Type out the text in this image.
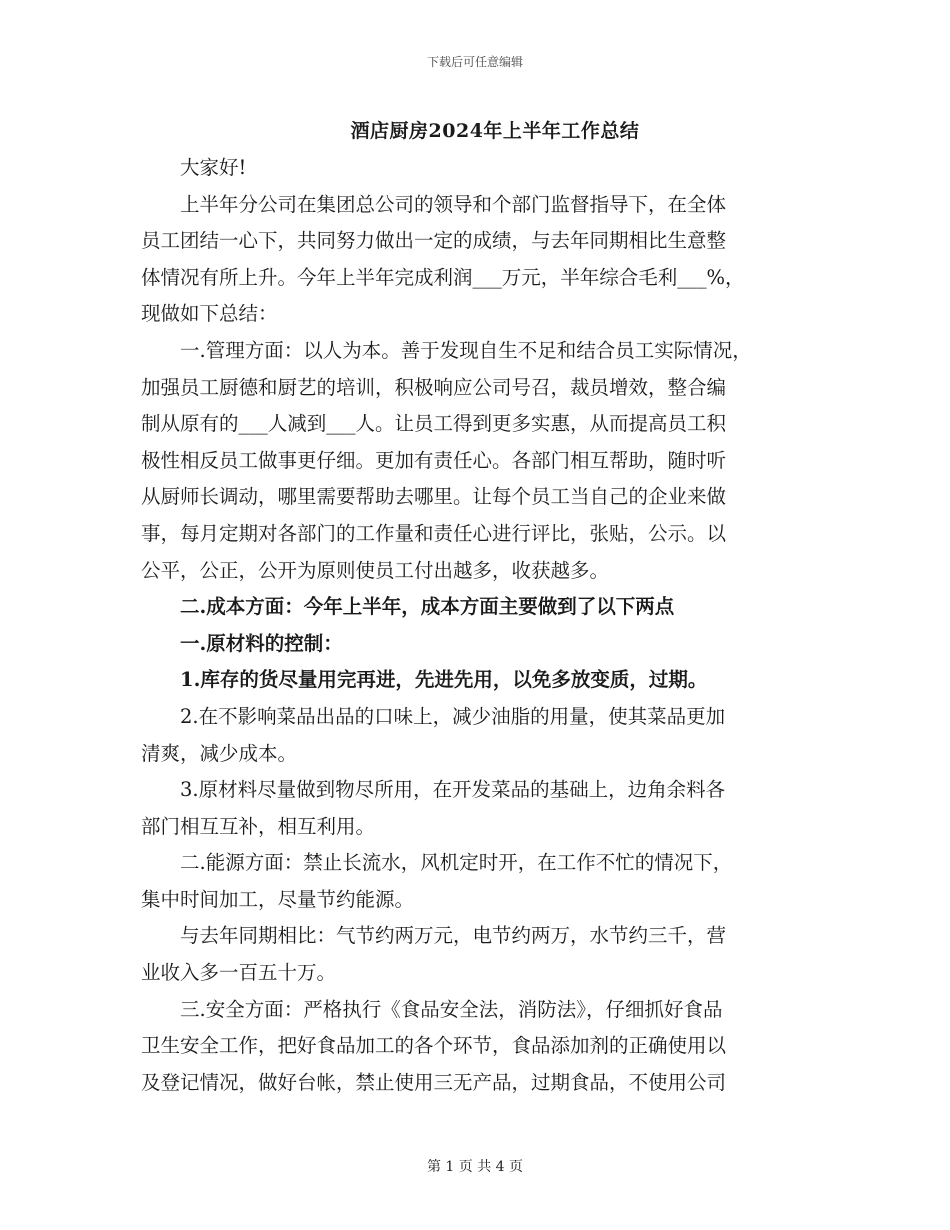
下载后可任意编辑
酒店厨房2024年上半年工作总结
　　大家好!
　　上半年分公司在集团总公司的领导和个部门监督指导下，在全体
员工团结一心下，共同努力做出一定的成绩，与去年同期相比生意整
体情况有所上升。今年上半年完成利润___万元，半年综合毛利___%，
现做如下总结：
　　一.管理方面：以人为本。善于发现自生不足和结合员工实际情况，
加强员工厨德和厨艺的培训，积极响应公司号召，裁员增效，整合编
制从原有的___人减到___人。让员工得到更多实惠，从而提高员工积
极性相反员工做事更仔细。更加有责任心。各部门相互帮助，随时听
从厨师长调动，哪里需要帮助去哪里。让每个员工当自己的企业来做
事，每月定期对各部门的工作量和责任心进行评比，张贴，公示。以
公平，公正，公开为原则使员工付出越多，收获越多。
　　二.成本方面：今年上半年，成本方面主要做到了以下两点
　　一.原材料的控制：
　　1.库存的货尽量用完再进，先进先用，以免多放变质，过期。
　　2.在不影响菜品出品的口味上，减少油脂的用量，使其菜品更加
清爽，减少成本。
　　3.原材料尽量做到物尽所用，在开发菜品的基础上，边角余料各
部门相互互补，相互利用。
　　二.能源方面：禁止长流水，风机定时开，在工作不忙的情况下，
集中时间加工，尽量节约能源。
　　与去年同期相比：气节约两万元，电节约两万，水节约三千，营
业收入多一百五十万。
　　三.安全方面：严格执行《食品安全法，消防法》，仔细抓好食品
卫生安全工作，把好食品加工的各个环节，食品添加剂的正确使用以
及登记情况，做好台帐，禁止使用三无产品，过期食品，不使用公司
第 1 页 共 4 页
